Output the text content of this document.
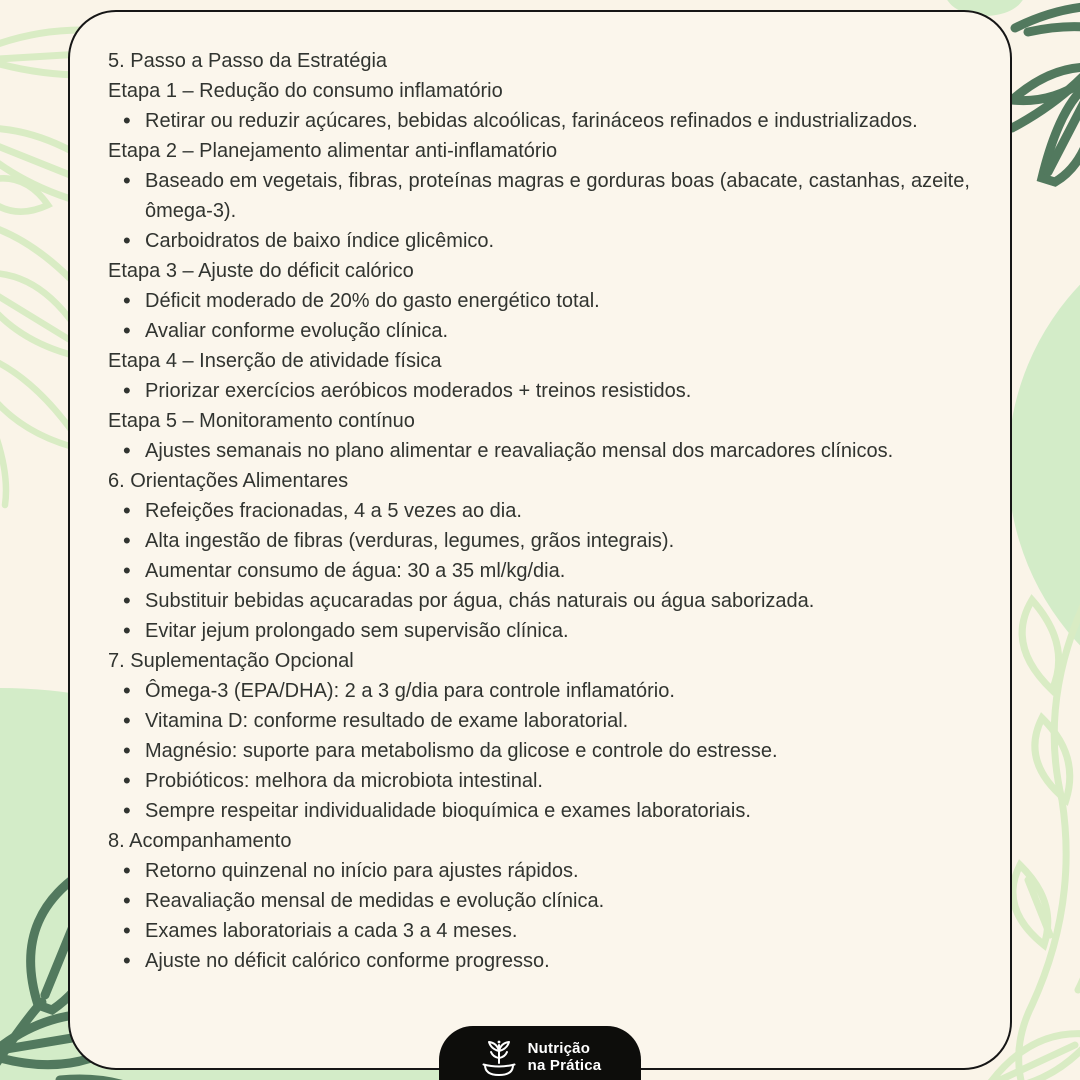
5. Passo a Passo da Estratégia
Etapa 1 – Redução do consumo inflamatório
• Retirar ou reduzir açúcares, bebidas alcoólicas, farináceos refinados e industrializados.
Etapa 2 – Planejamento alimentar anti-inflamatório
• Baseado em vegetais, fibras, proteínas magras e gorduras boas (abacate, castanhas, azeite, ômega-3).
• Carboidratos de baixo índice glicêmico.
Etapa 3 – Ajuste do déficit calórico
• Déficit moderado de 20% do gasto energético total.
• Avaliar conforme evolução clínica.
Etapa 4 – Inserção de atividade física
• Priorizar exercícios aeróbicos moderados + treinos resistidos.
Etapa 5 – Monitoramento contínuo
• Ajustes semanais no plano alimentar e reavaliação mensal dos marcadores clínicos.
6. Orientações Alimentares
• Refeições fracionadas, 4 a 5 vezes ao dia.
• Alta ingestão de fibras (verduras, legumes, grãos integrais).
• Aumentar consumo de água: 30 a 35 ml/kg/dia.
• Substituir bebidas açucaradas por água, chás naturais ou água saborizada.
• Evitar jejum prolongado sem supervisão clínica.
7. Suplementação Opcional
• Ômega-3 (EPA/DHA): 2 a 3 g/dia para controle inflamatório.
• Vitamina D: conforme resultado de exame laboratorial.
• Magnésio: suporte para metabolismo da glicose e controle do estresse.
• Probióticos: melhora da microbiota intestinal.
• Sempre respeitar individualidade bioquímica e exames laboratoriais.
8. Acompanhamento
• Retorno quinzenal no início para ajustes rápidos.
• Reavaliação mensal de medidas e evolução clínica.
• Exames laboratoriais a cada 3 a 4 meses.
• Ajuste no déficit calórico conforme progresso.
Nutrição
na Prática
